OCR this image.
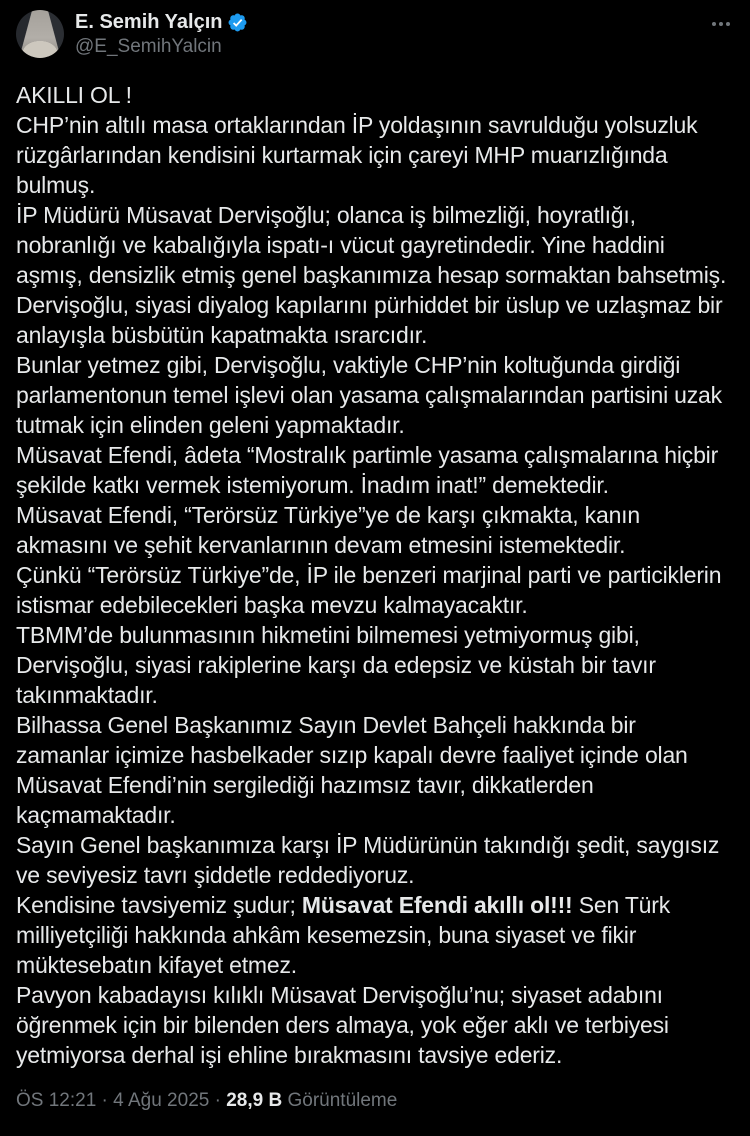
E. Semih Yalçın
@E_SemihYalcin
AKILLI OL !
CHP’nin altılı masa ortaklarından İP yoldaşının savrulduğu yolsuzluk rüzgârlarından kendisini kurtarmak için çareyi MHP muarızlığında bulmuş.
İP Müdürü Müsavat Dervişoğlu; olanca iş bilmezliği, hoyratlığı, nobranlığı ve kabalığıyla ispatı-ı vücut gayretindedir. Yine haddini aşmış, densizlik etmiş genel başkanımıza hesap sormaktan bahsetmiş.
Dervişoğlu, siyasi diyalog kapılarını pürhiddet bir üslup ve uzlaşmaz bir anlayışla büsbütün kapatmakta ısrarcıdır.
Bunlar yetmez gibi, Dervişoğlu, vaktiyle CHP’nin koltuğunda girdiği parlamentonun temel işlevi olan yasama çalışmalarından partisini uzak tutmak için elinden geleni yapmaktadır.
Müsavat Efendi, âdeta “Mostralık partimle yasama çalışmalarına hiçbir şekilde katkı vermek istemiyorum. İnadım inat!” demektedir.
Müsavat Efendi, “Terörsüz Türkiye”ye de karşı çıkmakta, kanın akmasını ve şehit kervanlarının devam etmesini istemektedir.
Çünkü “Terörsüz Türkiye”de, İP ile benzeri marjinal parti ve particiklerin istismar edebilecekleri başka mevzu kalmayacaktır.
TBMM’de bulunmasının hikmetini bilmemesi yetmiyormuş gibi, Dervişoğlu, siyasi rakiplerine karşı da edepsiz ve küstah bir tavır takınmaktadır.
Bilhassa Genel Başkanımız Sayın Devlet Bahçeli hakkında bir zamanlar içimize hasbelkader sızıp kapalı devre faaliyet içinde olan Müsavat Efendi’nin sergilediği hazımsız tavır, dikkatlerden kaçmamaktadır.
Sayın Genel başkanımıza karşı İP Müdürünün takındığı şedit, saygısız ve seviyesiz tavrı şiddetle reddediyoruz.
Kendisine tavsiyemiz şudur; Müsavat Efendi akıllı ol!!! Sen Türk milliyetçiliği hakkında ahkâm kesemezsin, buna siyaset ve fikir müktesebatın kifayet etmez.
Pavyon kabadayısı kılıklı Müsavat Dervişoğlu’nu; siyaset adabını öğrenmek için bir bilenden ders almaya, yok eğer aklı ve terbiyesi yetmiyorsa derhal işi ehline bırakmasını tavsiye ederiz.
ÖS 12:21 · 4 Ağu 2025 · 28,9 B Görüntüleme
